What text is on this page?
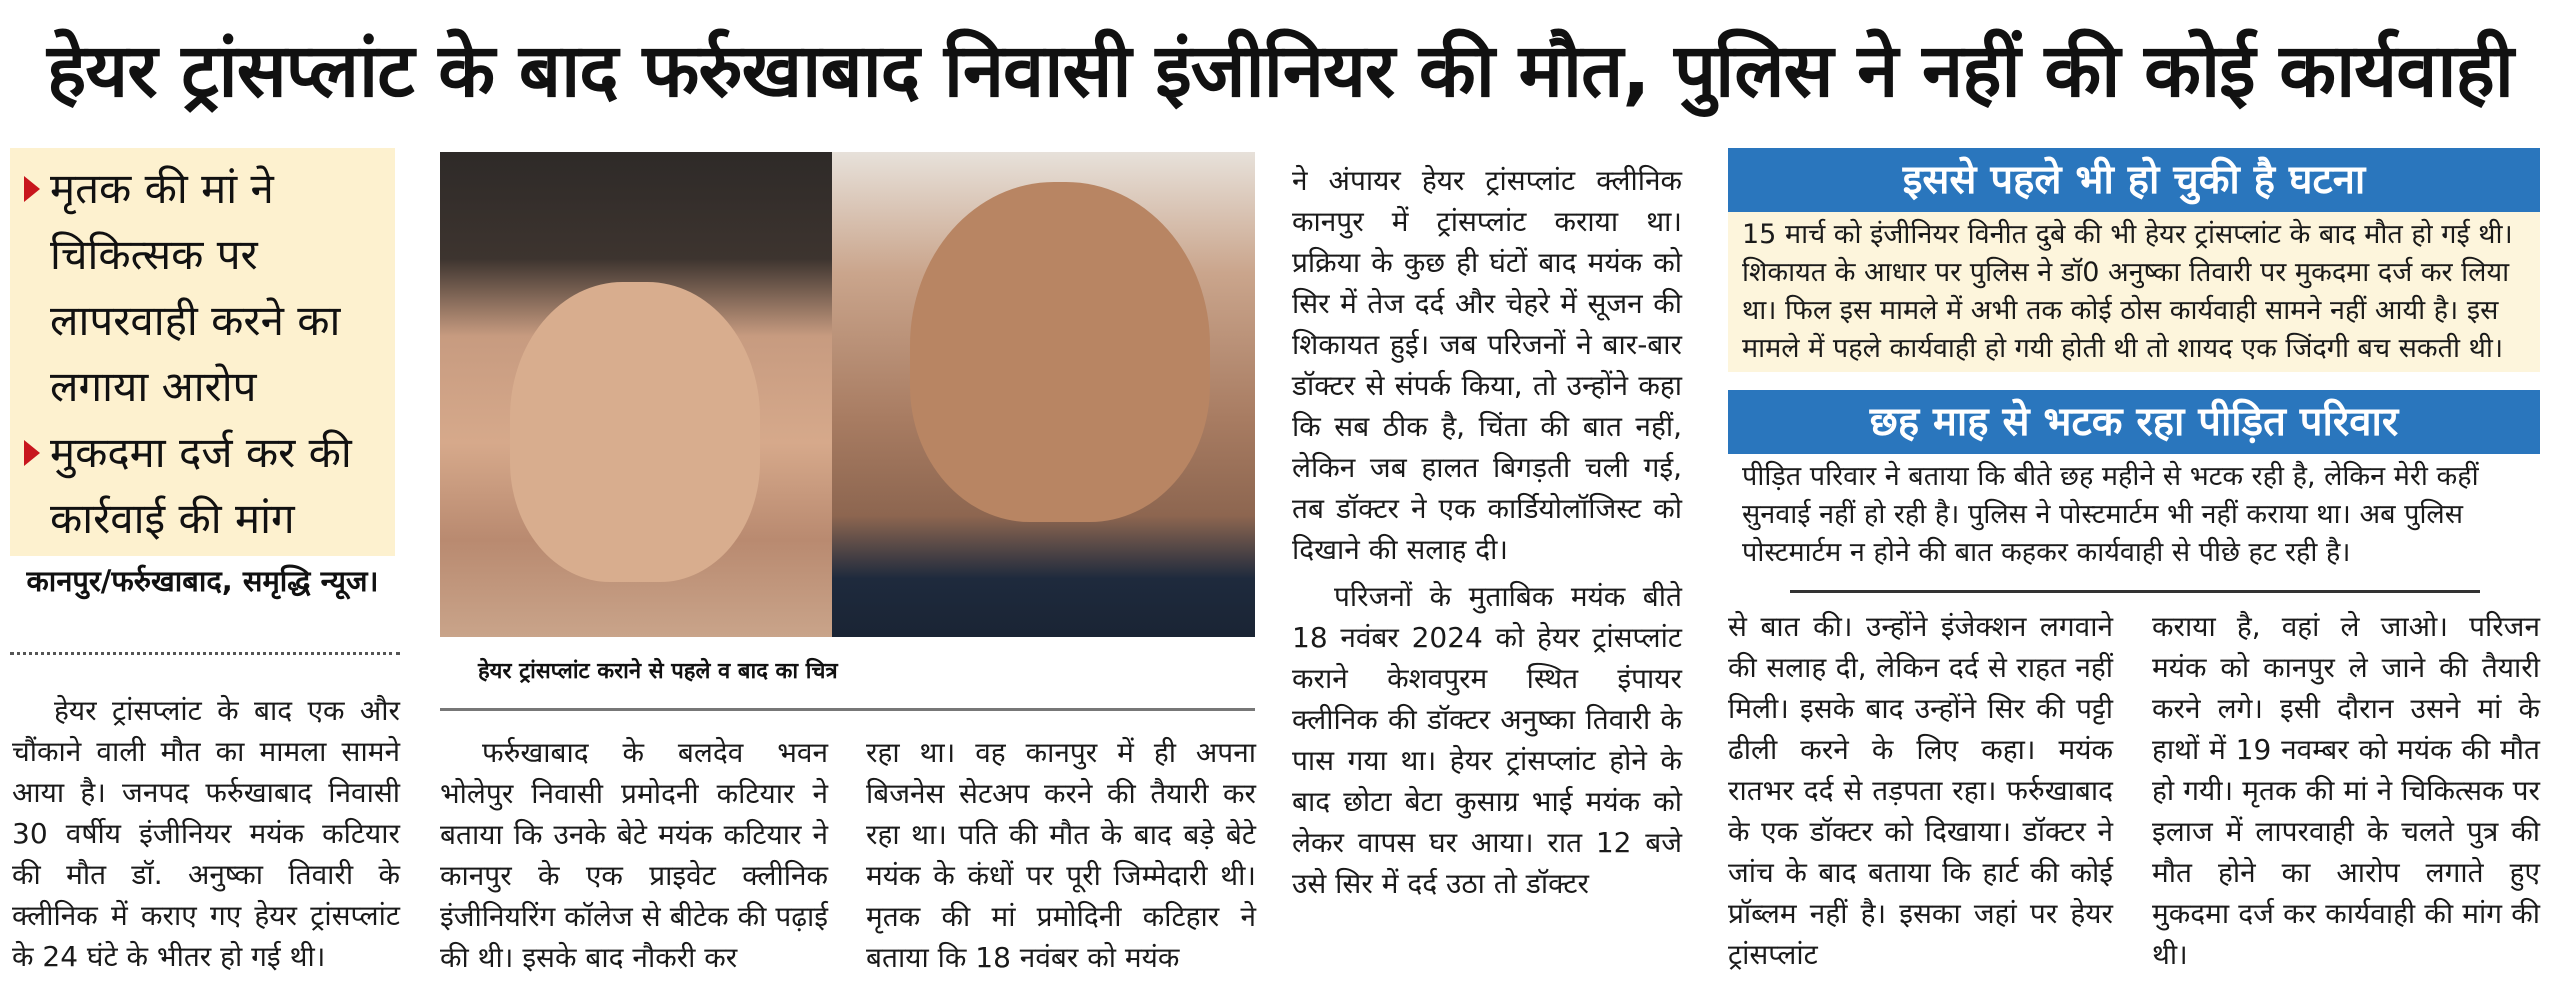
हेयर ट्रांसप्लांट के बाद फर्रुखाबाद निवासी इंजीनियर की मौत, पुलिस ने नहीं की कोई कार्यवाही
मृतक की मां ने चिकित्सक पर लापरवाही करने का लगाया आरोप
मुकदमा दर्ज कर की कार्रवाई की मांग
कानपुर/फर्रुखाबाद, समृद्धि न्यूज।

हेयर ट्रांसप्लांट के बाद एक और चौंकाने वाली मौत का मामला सामने आया है। जनपद फर्रुखाबाद निवासी 30 वर्षीय इंजीनियर मयंक कटियार की मौत डॉ. अनुष्का तिवारी के क्लीनिक में कराए गए हेयर ट्रांसप्लांट के 24 घंटे के भीतर हो गई थी।

हेयर ट्रांसप्लांट कराने से पहले व बाद का चित्र

फर्रुखाबाद के बलदेव भवन भोलेपुर निवासी प्रमोदनी कटियार ने बताया कि उनके बेटे मयंक कटियार ने कानपुर के एक प्राइवेट क्लीनिक इंजीनियरिंग कॉलेज से बीटेक की पढ़ाई की थी। इसके बाद नौकरी कर

रहा था। वह कानपुर में ही अपना बिजनेस सेटअप करने की तैयारी कर रहा था। पति की मौत के बाद बड़े बेटे मयंक के कंधों पर पूरी जिम्मेदारी थी। मृतक की मां प्रमोदिनी कटिहार ने बताया कि 18 नवंबर को मयंक

ने अंपायर हेयर ट्रांसप्लांट क्लीनिक कानपुर में ट्रांसप्लांट कराया था। प्रक्रिया के कुछ ही घंटों बाद मयंक को सिर में तेज दर्द और चेहरे में सूजन की शिकायत हुई। जब परिजनों ने बार-बार डॉक्टर से संपर्क किया, तो उन्होंने कहा कि सब ठीक है, चिंता की बात नहीं, लेकिन जब हालत बिगड़ती चली गई, तब डॉक्टर ने एक कार्डियोलॉजिस्ट को दिखाने की सलाह दी।

परिजनों के मुताबिक मयंक बीते 18 नवंबर 2024 को हेयर ट्रांसप्लांट कराने केशवपुरम स्थित इंपायर क्लीनिक की डॉक्टर अनुष्का तिवारी के पास गया था। हेयर ट्रांसप्लांट होने के बाद छोटा बेटा कुसाग्र भाई मयंक को लेकर वापस घर आया। रात 12 बजे उसे सिर में दर्द उठा तो डॉक्टर

इससे पहले भी हो चुकी है घटना

15 मार्च को इंजीनियर विनीत दुबे की भी हेयर ट्रांसप्लांट के बाद मौत हो गई थी। शिकायत के आधार पर पुलिस ने डॉ0 अनुष्का तिवारी पर मुकदमा दर्ज कर लिया था। फिल इस मामले में अभी तक कोई ठोस कार्यवाही सामने नहीं आयी है। इस मामले में पहले कार्यवाही हो गयी होती थी तो शायद एक जिंदगी बच सकती थी।

छह माह से भटक रहा पीड़ित परिवार

पीड़ित परिवार ने बताया कि बीते छह महीने से भटक रही है, लेकिन मेरी कहीं सुनवाई नहीं हो रही है। पुलिस ने पोस्टमार्टम भी नहीं कराया था। अब पुलिस पोस्टमार्टम न होने की बात कहकर कार्यवाही से पीछे हट रही है।

से बात की। उन्होंने इंजेक्शन लगवाने की सलाह दी, लेकिन दर्द से राहत नहीं मिली। इसके बाद उन्होंने सिर की पट्टी ढीली करने के लिए कहा। मयंक रातभर दर्द से तड़पता रहा। फर्रुखाबाद के एक डॉक्टर को दिखाया। डॉक्टर ने जांच के बाद बताया कि हार्ट की कोई प्रॉब्लम नहीं है। इसका जहां पर हेयर ट्रांसप्लांट

कराया है, वहां ले जाओ। परिजन मयंक को कानपुर ले जाने की तैयारी करने लगे। इसी दौरान उसने मां के हाथों में 19 नवम्बर को मयंक की मौत हो गयी। मृतक की मां ने चिकित्सक पर इलाज में लापरवाही के चलते पुत्र की मौत होने का आरोप लगाते हुए मुकदमा दर्ज कर कार्यवाही की मांग की थी।
